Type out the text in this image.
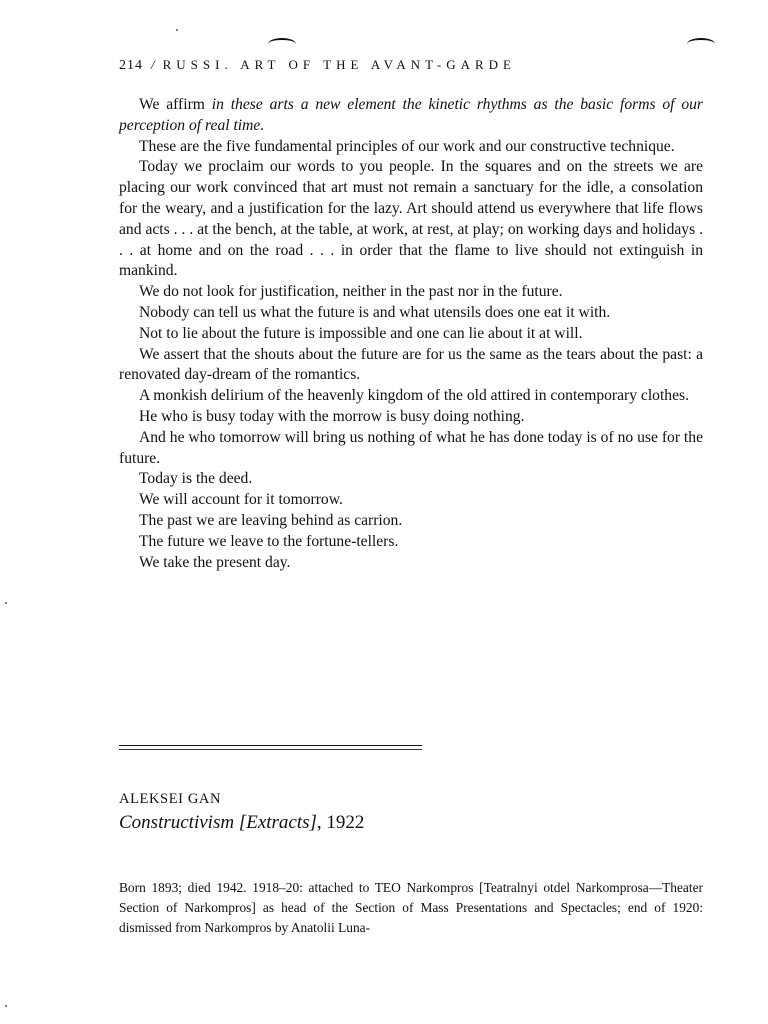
214 / RUSSI. ART OF THE AVANT-GARDE

We affirm in these arts a new element the kinetic rhythms as the basic forms of our perception of real time.

These are the five fundamental principles of our work and our constructive technique.

Today we proclaim our words to you people. In the squares and on the streets we are placing our work convinced that art must not remain a sanctuary for the idle, a consolation for the weary, and a justification for the lazy. Art should attend us everywhere that life flows and acts . . . at the bench, at the table, at work, at rest, at play; on working days and holidays . . . at home and on the road . . . in order that the flame to live should not extinguish in mankind.

We do not look for justification, neither in the past nor in the future.

Nobody can tell us what the future is and what utensils does one eat it with.

Not to lie about the future is impossible and one can lie about it at will.

We assert that the shouts about the future are for us the same as the tears about the past: a renovated day-dream of the romantics.

A monkish delirium of the heavenly kingdom of the old attired in contemporary clothes.

He who is busy today with the morrow is busy doing nothing.

And he who tomorrow will bring us nothing of what he has done today is of no use for the future.

Today is the deed.

We will account for it tomorrow.

The past we are leaving behind as carrion.

The future we leave to the fortune-tellers.

We take the present day.

ALEKSEI GAN
Constructivism [Extracts], 1922

Born 1893; died 1942. 1918–20: attached to TEO Narkompros [Teatralnyi otdel Narkomprosa—Theater Section of Narkompros] as head of the Section of Mass Presentations and Spectacles; end of 1920: dismissed from Narkompros by Anatolii Luna-
